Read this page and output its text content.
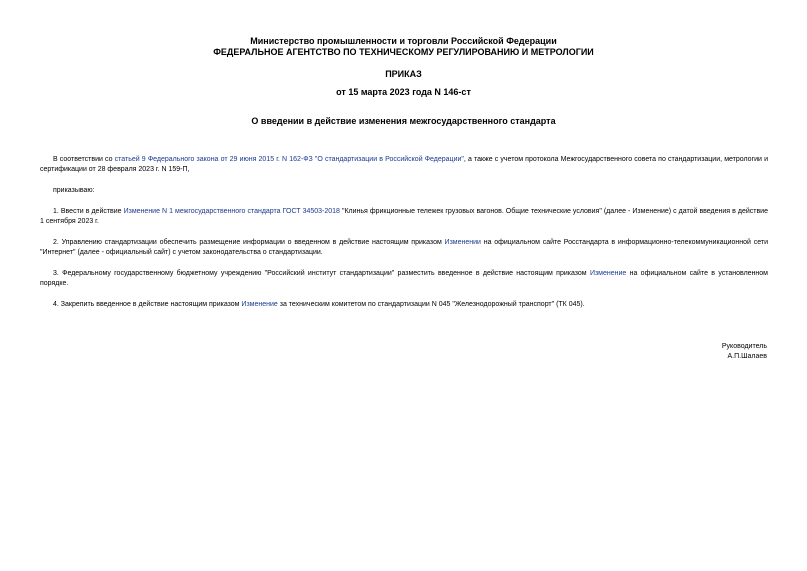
Министерство промышленности и торговли Российской Федерации
ФЕДЕРАЛЬНОЕ АГЕНТСТВО ПО ТЕХНИЧЕСКОМУ РЕГУЛИРОВАНИЮ И МЕТРОЛОГИИ
ПРИКАЗ
от 15 марта 2023 года N 146-ст
О введении в действие изменения межгосударственного стандарта
В соответствии со статьей 9 Федерального закона от 29 июня 2015 г. N 162-ФЗ "О стандартизации в Российской Федерации", а также с учетом протокола Межгосударственного совета по стандартизации, метрологии и сертификации от 28 февраля 2023 г. N 159-П,
приказываю:
1. Ввести в действие Изменение N 1 межгосударственного стандарта ГОСТ 34503-2018 "Клинья фрикционные тележек грузовых вагонов. Общие технические условия" (далее - Изменение) с датой введения в действие 1 сентября 2023 г.
2. Управлению стандартизации обеспечить размещение информации о введенном в действие настоящим приказом Изменении на официальном сайте Росстандарта в информационно-телекоммуникационной сети "Интернет" (далее - официальный сайт) с учетом законодательства о стандартизации.
3. Федеральному государственному бюджетному учреждению "Российский институт стандартизации" разместить введенное в действие настоящим приказом Изменение на официальном сайте в установленном порядке.
4. Закрепить введенное в действие настоящим приказом Изменение за техническим комитетом по стандартизации N 045 "Железнодорожный транспорт" (ТК 045).
Руководитель
А.П.Шалаев
